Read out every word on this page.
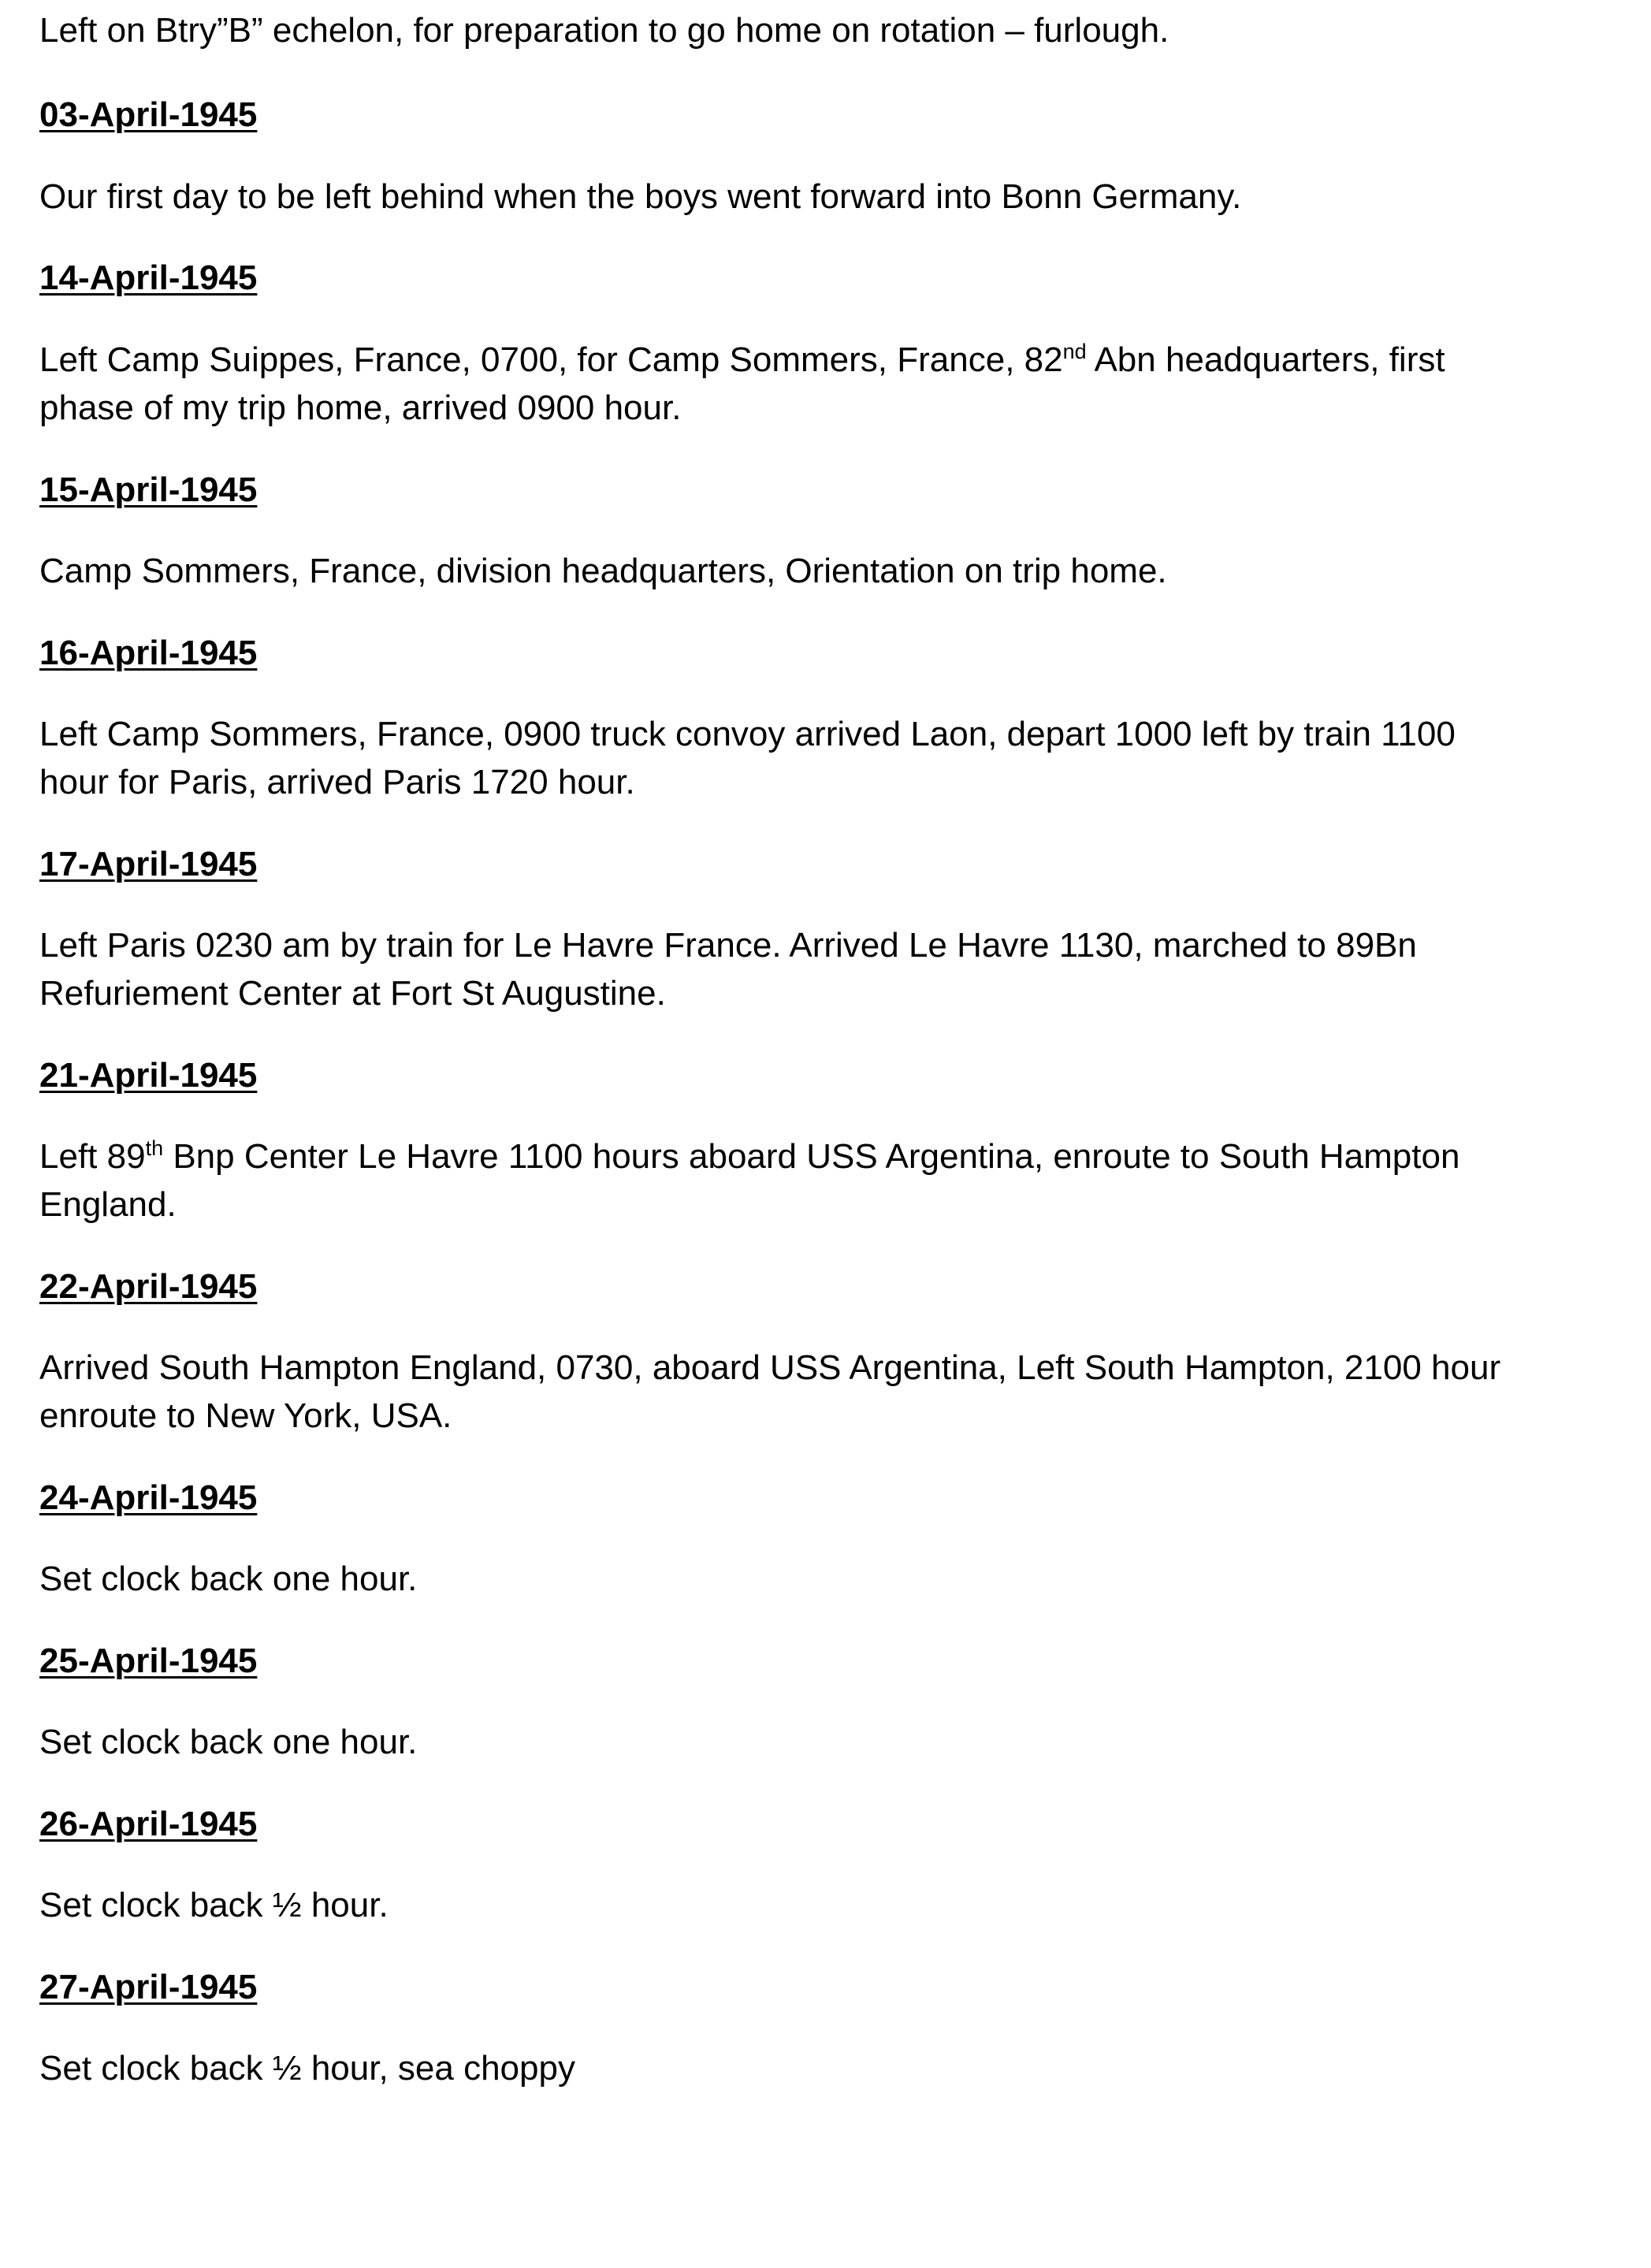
Left on Btry”B” echelon, for preparation to go home on rotation – furlough.

03-April-1945

Our first day to be left behind when the boys went forward into Bonn Germany.

14-April-1945

Left Camp Suippes, France, 0700, for Camp Sommers, France, 82nd Abn headquarters, first

phase of my trip home, arrived 0900 hour.

15-April-1945

Camp Sommers, France, division headquarters, Orientation on trip home.

16-April-1945

Left Camp Sommers, France, 0900 truck convoy arrived Laon, depart 1000 left by train 1100

hour for Paris, arrived Paris 1720 hour.

17-April-1945

Left Paris 0230 am by train for Le Havre France. Arrived Le Havre 1130, marched to 89Bn

Refuriement Center at Fort St Augustine.

21-April-1945

Left 89th Bnp Center Le Havre 1100 hours aboard USS Argentina, enroute to South Hampton

England.

22-April-1945

Arrived South Hampton England, 0730, aboard USS Argentina, Left South Hampton, 2100 hour

enroute to New York, USA.

24-April-1945

Set clock back one hour.

25-April-1945

Set clock back one hour.

26-April-1945

Set clock back ½ hour.

27-April-1945

Set clock back ½ hour, sea choppy
